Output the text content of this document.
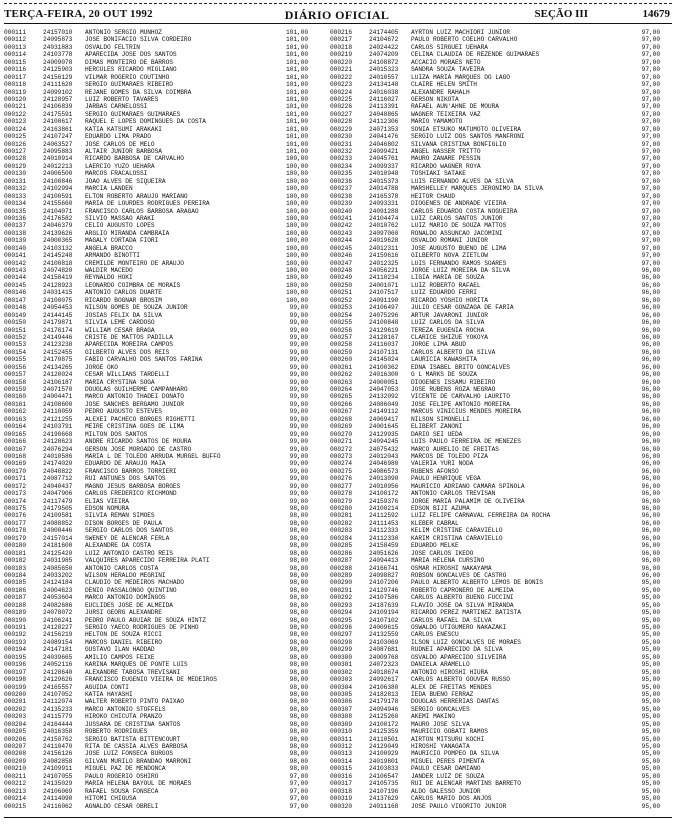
TERÇA-FEIRA, 20 OUT 1992	DIÁRIO OFICIAL	SEÇÃO III	14679
000111	24157010	ANTONIO SERGIO MUNHOZ	101,00
000112	24095873	JOSE BONIFACIO SILVA CORDEIRO	101,00
000113	24031883	OSVALDO FELTRIN	101,00
000114	24103778	APARECIDA JOSE DOS SANTOS	101,00
000115	24009078	DIMAS MONTEIRO DE BARROS	101,00
000116	24125903	HERCULES RICARDO MIGLIANO	101,00
000117	24156129	VILMAR ROGERIO COUTINHO	101,00
000118	24111620	SERGIO GUIMARAES RIBEIRO	101,00
000119	24099102	REJANE GOMES DA SILVA COIMBRA	101,00
000120	24128957	LUIZ ROBERTO TAVARES	101,00
000121	24106839	JARBAS CARNELOSSI	101,00
000122	24175591	SERGIO GUIMARAES GUIMARAES	101,00
000123	24100617	RAQUEL E LOPES DOMINGUES DA COSTA	101,00
000124	24163861	KATIA KATSUMI ARAKAKI	101,00
000125	24107247	EDUARDO LIMA PRADO	101,00
000126	24063527	JOSE CARLOS DE MELO	101,00
000127	24095883	ALTAIR JUNIOR BARBOSA	101,00
000128	24010914	RICARDO BARBOSA DE CARVALHO	100,00
000129	24012213	LAERCIO YUZO UEHARA	100,00
000130	24006500	MARCOS FRACALOSSI	100,00
000131	24100846	JOAO ALVES DE SIQUEIRA	100,00
000132	24102994	MARCIA LANDEN	100,00
000133	24100591	ELTON ROBERTO ARAUJO MARIANO	100,00
000134	24155660	MARIA DE LOURDES RODRIGUES PEREIRA	100,00
000135	24104071	FRANCISCO CARLOS BARBOSA ARAGAO	100,00
000136	24176582	SILVIO MASSAO ARAKI	100,00
000137	24046379	CELIO AUGUSTO LOPES	100,00
000138	24139626	ARGLIO MIRANDA CAMBRAIA	100,00
000139	24000365	MAGALY CORTADA FIORI	100,00
000140	24103132	ANGELA BRACCO	100,00
000141	24145248	ARMANDO BINOTTI	100,00
000142	24100818	CREMILDE MONTEIRO DE ARAUJO	100,00
000143	24074820	WALDIR MACEDO	100,00
000144	24158419	REYNALDO HOKI	100,00
000145	24128923	LEONARDO COIMBRA DE MORAIS	100,00
000146	24031415	ANTONIO CARLOS DUARTE	100,00
000147	24100075	RICARDO BOGNAR BROSIM	100,00
000148	24054453	NILSON GOMES DE SOUZA JUNIOR	99,00
000149	24144145	JOSIAS FELIX DA SILVA	99,00
000150	24179871	SILVIA LEME CARDOSO	99,00
000151	24176174	WILLIAM CESAR BRAGA	99,00
000152	24149446	CRISTE DE MATTOS PADILLA	99,00
000153	24123238	APARECIDA MOREIRA CAMPOS	99,00
000154	24152455	GILBERTO ALVES DOS REIS	99,00
000155	24170875	FABIO CARVALHO DOS SANTOS FARINA	99,00
000156	24134265	JORGE OKO	99,00
000157	24120024	CESAR WILLIANS TARDELLI	99,00
000158	24106187	MARIA CRYSTINA SOGA	99,00
000159	24071570	DOUGLAS GUILHERME CAMPANHARO	99,00
000160	24004471	MARCO ANTONIO THADEI DONATO	99,00
000161	24108600	JOSE SANCHES BERGAMO JUNIOR	99,00
000162	24110059	PEDRO AUGUSTO ESTEVES	99,00
000163	24121255	ALEXEI PACHECO BORGES RIGHETTI	99,00
000164	24103791	MEIRE CRISTINA GOES DE LIMA	99,00
000165	24190668	MILTON DOS SANTOS	99,00
000166	24128623	ANDRE RICARDO SANTOS DE MOURA	99,00
000167	24076294	GERSON JOSE MORGADO DE CASTRO	99,00
000168	24010586	MARIA L DE TOLEDO ARRUDA MURGEL BUFFO	99,00
000169	24174020	EDUARDO DE ARAUJO MAIA	99,00
000170	24048822	FRANCISCO BARROS TORRIERI	99,00
000171	24087712	RUI ANTUNES DOS SANTOS	99,00
000172	24040437	MAGNO JESUS BARBOSA BORGES	99,00
000173	24047906	CARLOS FREDERICO RICHMOND	99,00
000174	24117479	ELIAS VIEIRA	99,00
000175	24179505	EDSON NOMURA	98,00
000176	24109581	SILVIA REMAN SIMOES	98,00
000177	24088852	DISON BORGES DE PAULA	98,00
000178	24000446	SERGIO CARLOS DOS SANTOS	98,00
000179	24157014	SWENEY DE ALENCAR FERLA	98,00
000180	24181600	ALEXANDRE DA COSTA	98,00
000181	24125420	LUIZ ANTONIO CASTRO REIS	98,00
000182	24031985	VALQUIRES APARECIDO FERREIRA PLATI	98,00
000183	24085650	ANTONIO CARLOS COSTA	98,00
000184	24033202	WILSON HERALDO MEGRINI	98,00
000185	24124184	CLAUDIO DE MEDEIROS MACHADO	98,00
000186	24004623	DENIO PASSALONGO QUINTINO	98,00
000187	24053604	MARCO ANTONIO DOMINGOS	98,00
000188	24082686	EUCLIDES JOSE DE ALMEIDA	98,00
000189	24078072	JURSI GEORG ALEXANDRE	98,00
000190	24106241	PEDRO PAULO AGUIAR DE SOUZA HINTZ	98,00
000191	24120227	SERGIO YAECO RODRIGUES DE PINHO	98,00
000192	24156219	HELTON DE SOUZA RICCI	98,00
000193	24089154	MARCOS DANIEL RIBEIRO	98,00
000194	24147181	GUSTAVO ILAN HADDAD	98,00
000195	24039665	AMILIO CAMPOS FEIXE	98,00
000196	24052116	KARINA MARQUES DE PONTE LUIS	98,00
000197	24128640	ALEXANDRE TABOSA TREVISANI	98,00
000198	24129626	FRANCISCO EUGENIO VIEIRA DE MEDEIROS	98,00
000199	24165557	AGUIDA CONTI	98,00
000200	24107052	KATIA HAYASHI	98,00
000201	24112074	WALTER ROBERTO PINTO PAIXAO	98,00
000202	24135233	MARCO ANTONIO STOFFELS	98,00
000203	24115779	HIROKO CHICUTA PRANZO	98,00
000204	24164444	JUSSARA DE CRISTINA SANTOS	98,00
000205	24016358	ROBERTO RODRIGUES	98,00
000206	24150762	SERGIO BATISTA BITTENCOURT	98,00
000207	24110470	RITA DE CASSIA ALVES BARBOSA	98,00
000208	24156126	JOSE LUIZ FONSECA BURGOS	98,00
000209	24082858	GILVAN MURILO BRANDAO MARRONI	98,00
000210	24109911	MIGUEL PAZ DE MENDONCA	98,00
000211	24107055	PAULO ROGERIO OSHIRO	97,00
000212	24135029	MARIA HELENA BAYOUL DE MORAES	97,00
000213	24106069	RAFAEL SOUSA FONSECA	97,00
000214	24114090	HITOMI CHIGUSA	97,00
000215	24116062	AGNALDO CESAR OBRELI	97,00
000216	24174405	AYRTON LUIZ MACHIORI JUNIOR	97,00
000217	24104672	PAULO ROBERTO COELHO CARVALHO	97,00
000218	24024422	CARLOS SIRGUEI UEHARA	97,00
000219	24074209	CELINA CLAUDIA DE REZENDE GUIMARAES	97,00
000220	24108872	ACCACIO MORAES NETO	97,00
000221	24015323	SANDRA SOUZA TAVEIRA	97,00
000222	24010557	LUIZA MARIA MARQUES DO LAGO	97,00
000223	24134148	CLAIRE HELEN SMITH	97,00
000224	24016038	ALEXANDRE RAHALH	97,00
000225	24116027	GERSON NIKOTA	97,00
000226	24113391	RAFAEL AUN'AHNE DE MOURA	97,00
000227	24048865	WAGNER TEIXEIRA VAZ	97,00
000228	24112306	MARIO YAMAMOTO	97,00
000229	24071353	SONIA ETSUKO MATUMOTO OLIVEIRA	97,00
000230	24041476	SERGIO LUIZ DOS SANTOS MANFRONI	97,00
000231	24046802	SILVANA CRISTINA BONFIGLIO	97,00
000232	24099421	ANGEL NASSER TRITTO	97,00
000233	24045761	MAURO ZANARE PESSIN	97,00
000234	24099337	RICARDO WAGNER ROYA	97,00
000235	24010948	TOSHIAKI SATAKE	97,00
000236	24015373	LUIS FERNANDO ALVES DA SILVA	97,00
000237	24014788	MARSHELLEY MARQUES JERONIMO DA SILVA	97,00
000238	24165378	HEITOR CHAUD	97,00
000239	24093331	DIOGENES DE ANDRADE VIEIRA	97,00
000240	24091288	CARLOS EDUARDO COSTA NOGUEIRA	97,00
000241	24104474	LUIZ CARLOS SANTOS JUNIOR	97,00
000242	24010762	LUIZ MARIO DE SOUZA MATTOS	97,00
000243	24097060	RONALDO ASSUNCAO JACOMINI	97,00
000244	24019628	OSVALDO ROMANI JUNIOR	97,00
000245	24012311	JOSE AUGUSTO BUENO DE LIMA	97,00
000246	24159616	GILBERTO NOVA ZIETLOW	97,00
000247	24012325	LUIS FERNANDO RAMOS SOARES	97,00
000248	24056221	JORGE LUIZ MOREIRA DA SILVA	96,00
000249	24110234	LIGIA MARIA DE SOUZA	96,00
000250	24001071	LUIZ ROBERTO RAFAEL	96,00
000251	24107517	LUIZ EDUARDO FERRI	96,00
000252	24091190	RICARDO YOSHIO HORITA	96,00
000253	24106497	JULIO CESAR GONZAGA DE FARIA	96,00
000254	24075296	ARTUR JAVARONI JUNIOR	96,00
000255	24100848	LUIZ CARLOS DA SILVA	96,00
000256	24129619	TEREZA EUGENIA ROCHA	96,00
000257	24128167	CLARICE SHIZUE YOKOYA	96,00
000258	24116037	JORGE LIMA ABUD	96,00
000259	24107131	CARLOS ALBERTO DA SILVA	96,00
000260	24145024	LAURICIA KAWASHITA	96,00
000261	24100362	EDNA ISABEL BRITO GONCALVES	96,00
000262	24016300	G L MARKS DE SOUZA	96,00
000263	24000051	DIOGENES ISSAMU RIBEIRO	96,00
000264	24047053	JOSE RUBENS ROZA NEGRAO	96,00
000265	24132092	VICENTE DE CARVALHO LAURITO	96,00
000266	24086049	JOSE FELIPE ANTONIO MOREIRA	96,00
000267	24149112	MARCUS VINICIUS MENDES MOREIRA	96,00
000268	24069417	NILSON SIMONELLI	96,00
000269	24001645	ELIBERT ZANONI	96,00
000270	24129935	DARIO SEI UEDA	96,00
000271	24094245	LUIS PAULO FERREIRA DE MENEZES	96,00
000272	24075432	MARCO AURELIO DE FREITAS	96,00
000273	24012043	MARCOS DE TOLEDO PIZA	96,00
000274	24046980	VALERIA YURI NODA	96,00
000275	24086573	RUBENS AFONSO	96,00
000276	24013090	PAULO HENRIQUE VEGA	96,00
000277	24010956	MAURICIO ADRIANO CAMARA SPINOLA	96,00
000278	24100172	ANTONIO CARLOS TREVISAN	96,00
000279	24159376	JORGE MARIA PALAMIM DE OLIVEIRA	96,00
000280	24100214	EDSON BIJI AZUMA	96,00
000281	24112592	LUIZ FELIPE CARNAVAL FERREIRA DA ROCHA	96,00
000282	24111453	KLEBER CABRAL	96,00
000283	24112333	KELIM CRISTINE CARAVIELLO	96,00
000284	24112330	KARIM CRISTINA CARAVIELLO	96,00
000285	24158459	EDUARDO MELKE	96,00
000286	24051626	JOSE CARLOS IKEDO	96,00
000287	24094413	MARIA HELENA CURSINO	96,00
000288	24166741	OSMAR HIROSHI NAKAYAMA	96,00
000289	24098827	ROBSON GONCALVES DE CASTRO	96,00
000290	24107206	PAULO ALBERTO ALBERTO LEMOS DE BONIS	95,00
000291	24129746	ROBERTO CAPRONERO DE ALMEIDA	95,00
000292	24107586	CARLOS ALBERTO BUENO FUCCINI	95,00
000293	24187639	FLAVIO JOSE DA SILVA MIRANDA	95,00
000294	24109194	RICARDO PEREZ MARTINEZ BATISTA	95,00
000295	24107102	CARLOS RAFAEL DA SILVA	95,00
000296	24009615	OSWALDO UTIGUMERO NAKAZAKI	95,00
000297	24132559	CARLOS ENESCU	95,00
000298	24103069	ILSON LUIZ GONCALVES DE MORAES	95,00
000299	24087681	RUDNEI APARECIDO DA SILVA	95,00
000300	24009768	OSVALDO APARECIDO SILVEIRA	95,00
000301	24072323	DANIELA ARAMELLO	95,00
000302	24018674	ANTONIO HIROSHI HIURA	95,00
000303	24092617	CARLOS ALBERTO GOUVEA RUSSO	95,00
000304	24106380	ALEX DE FREITAS MENDES	95,00
000305	24182813	IEDA BUENO FERRAZ	95,00
000306	24179178	DOUGLAS HERRERIAS DANTAS	95,00
000307	24094946	SERGIO GONCALVES	95,00
000308	24125260	AKEMI MAKINO	95,00
000309	24100172	MAURO JOSE SILVA	95,00
000310	24125359	MAURICIO GOBATI RAMOS	95,00
000311	24110501	AIRTON MITSURU KOCHI	95,00
000312	24129049	HIROSHI YANAGATA	95,00
000313	24100929	MAURICIO POMPEO DA SILVA	95,00
000314	24019801	MIGUEL PERES PIMENTA	95,00
000315	24103833	PAULO CESAR DAMIANO	95,00
000316	24106547	JANDER LUIZ DE SOUZA	95,00
000317	24105735	RUI DE ALENCAR MARTINS BARRETO	95,00
000318	24107196	ALDO GALESSO JUNIOR	95,00
000319	24137629	CARLOS MARIO DOS ANJOS	95,00
000320	24011168	JOSE PAULO VIGORITO JUNIOR	95,00
